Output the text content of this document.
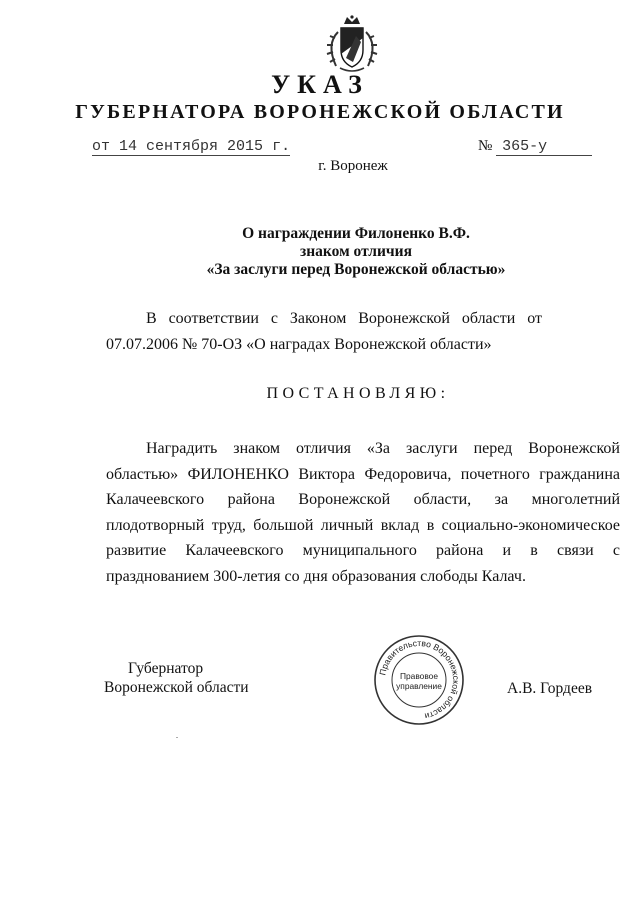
УКАЗ
ГУБЕРНАТОРА ВОРОНЕЖСКОЙ ОБЛАСТИ
от 14 сентября 2015 г.	№ 365-у
г. Воронеж
О награждении Филоненко В.Ф.
знаком отличия
«За заслуги перед Воронежской областью»
В соответствии с Законом Воронежской области от 07.07.2006 № 70-ОЗ «О наградах Воронежской области»
ПОСТАНОВЛЯЮ:
Наградить знаком отличия «За заслуги перед Воронежской областью» ФИЛОНЕНКО Виктора Федоровича, почетного гражданина Калачеевского района Воронежской области, за многолетний плодотворный труд, большой личный вклад в социально-экономическое развитие Калачеевского муниципального района и в связи с празднованием 300-летия со дня образования слободы Калач.
Губернатор
Воронежской области
Правительство Воронежской области
Правовое
управление	А.В. Гордеев
